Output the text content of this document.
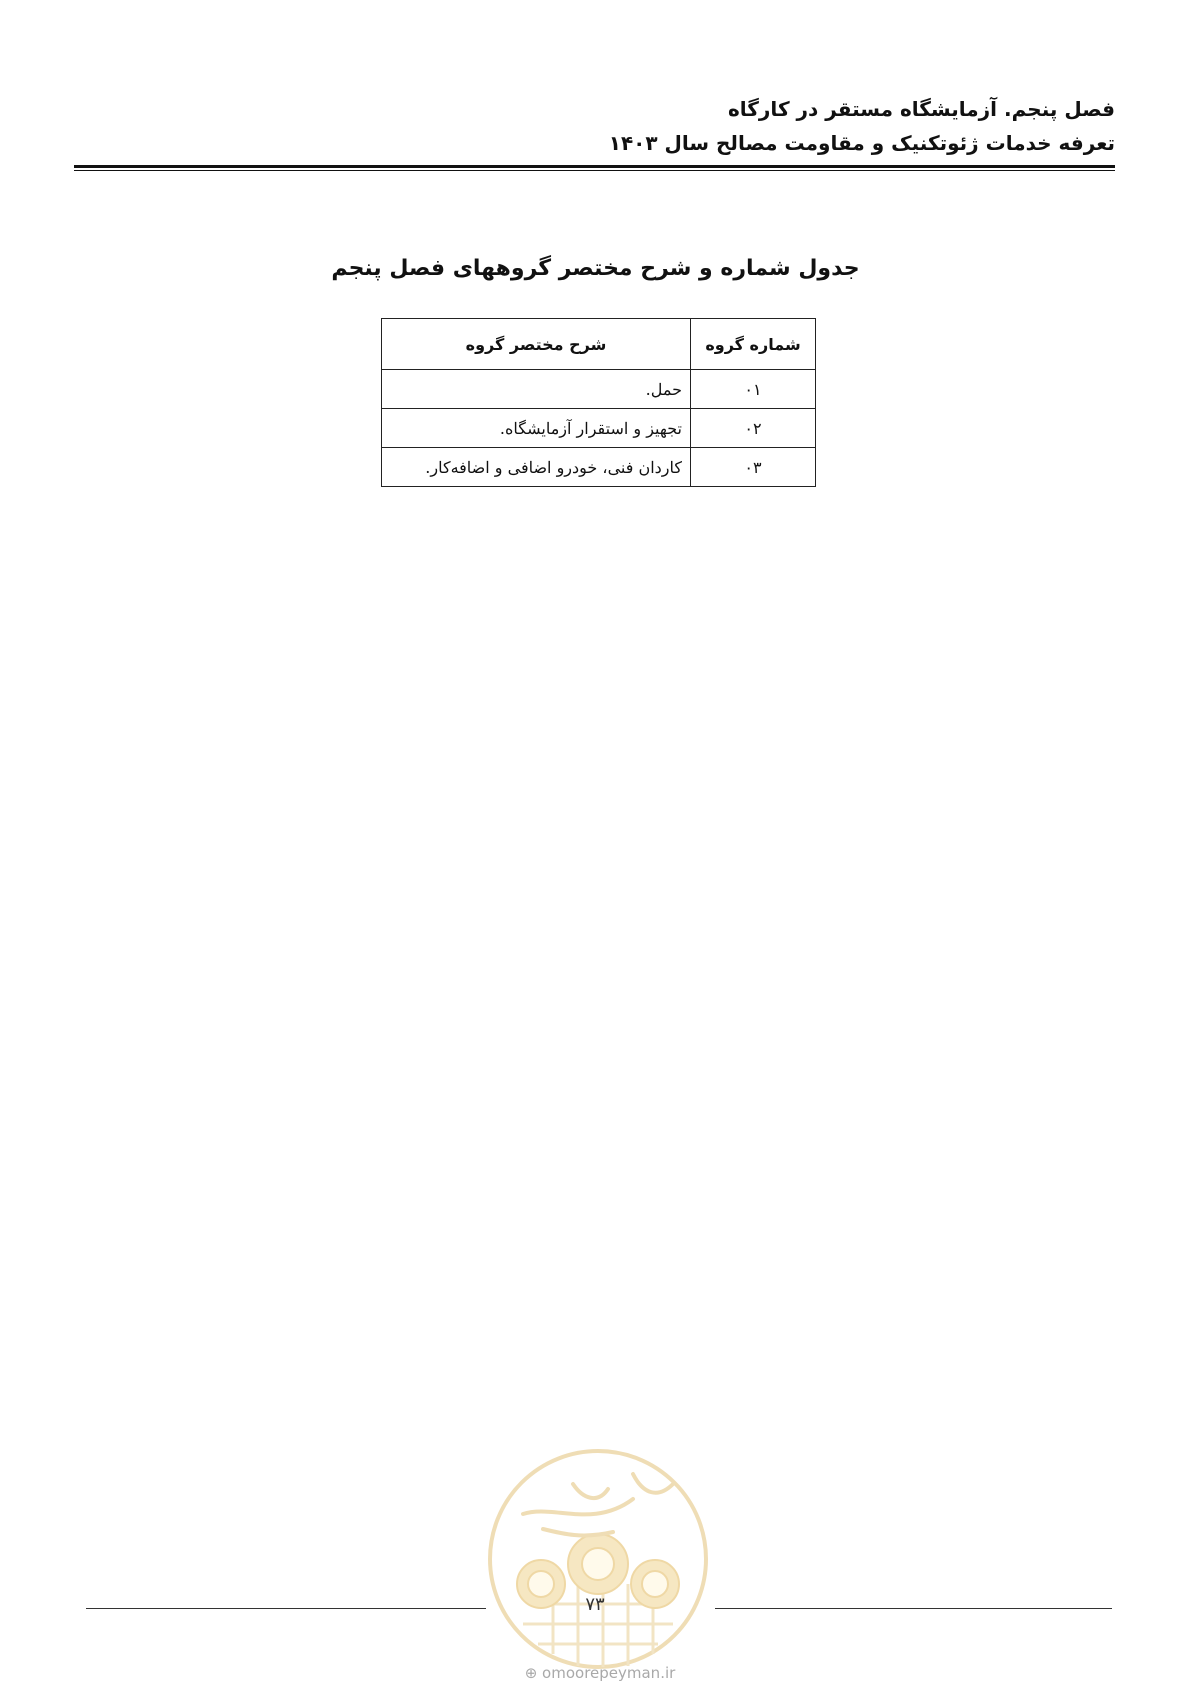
فصل پنجم. آزمایشگاه مستقر در کارگاه
تعرفه خدمات ژئوتکنیک و مقاومت مصالح سال ۱۴۰۳
جدول شماره و شرح مختصر گروههای فصل پنجم
شماره گروه	شرح مختصر گروه
۰۱	حمل.
۰۲	تجهیز و استقرار آزمایشگاه.
۰۳	کاردان فنی، خودرو اضافی و اضافه‌کار.
۷۳
⊕ omoorepeyman.ir
